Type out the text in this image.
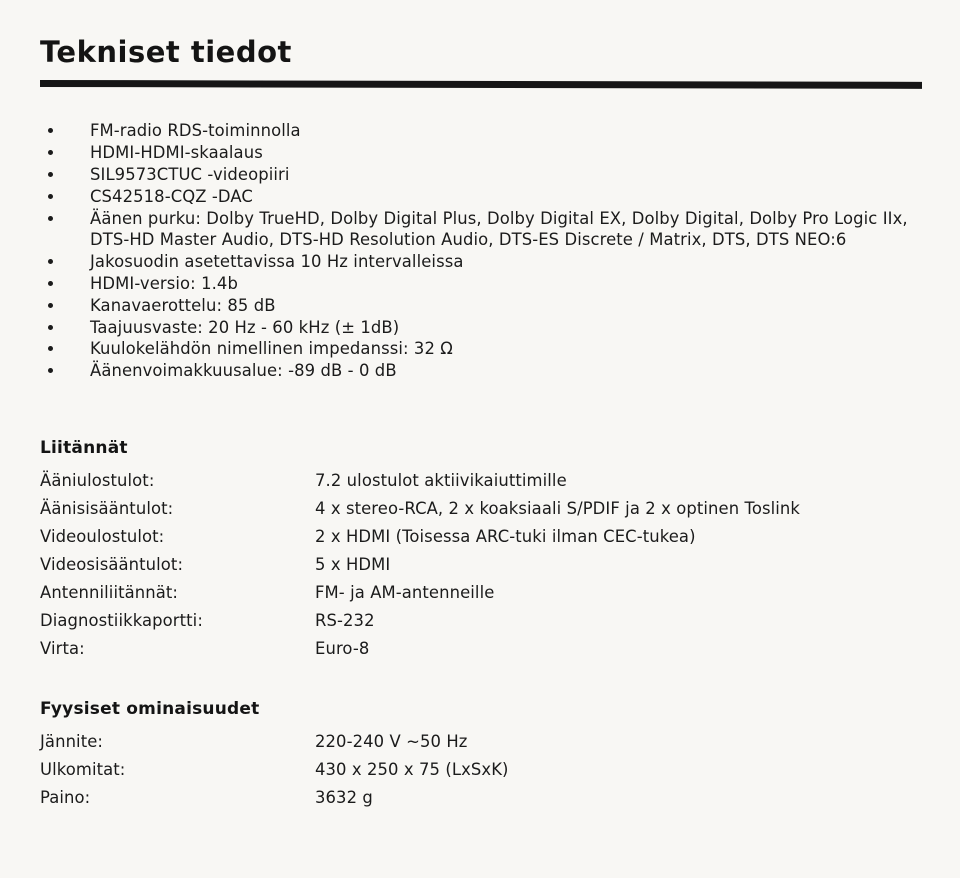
Tekniset tiedot
FM-radio RDS-toiminnolla
HDMI-HDMI-skaalaus
SIL9573CTUC -videopiiri
CS42518-CQZ -DAC
Äänen purku: Dolby TrueHD, Dolby Digital Plus, Dolby Digital EX, Dolby Digital, Dolby Pro Logic IIx, DTS-HD Master Audio, DTS-HD Resolution Audio, DTS-ES Discrete / Matrix, DTS, DTS NEO:6
Jakosuodin asetettavissa 10 Hz intervalleissa
HDMI-versio: 1.4b
Kanavaerottelu: 85 dB
Taajuusvaste: 20 Hz - 60 kHz (± 1dB)
Kuulokelähdön nimellinen impedanssi: 32 Ω
Äänenvoimakkuusalue: -89 dB - 0 dB
Liitännät
Ääniulostulot:	7.2 ulostulot aktiivikaiuttimille
Äänisisääntulot:	4 x stereo-RCA, 2 x koaksiaali S/PDIF ja 2 x optinen Toslink
Videoulostulot:	2 x HDMI (Toisessa ARC-tuki ilman CEC-tukea)
Videosisääntulot:	5 x HDMI
Antenniliitännät:	FM- ja AM-antenneille
Diagnostiikkaportti:	RS-232
Virta:	Euro-8
Fyysiset ominaisuudet
Jännite:	220-240 V ~50 Hz
Ulkomitat:	430 x 250 x 75 (LxSxK)
Paino:	3632 g
